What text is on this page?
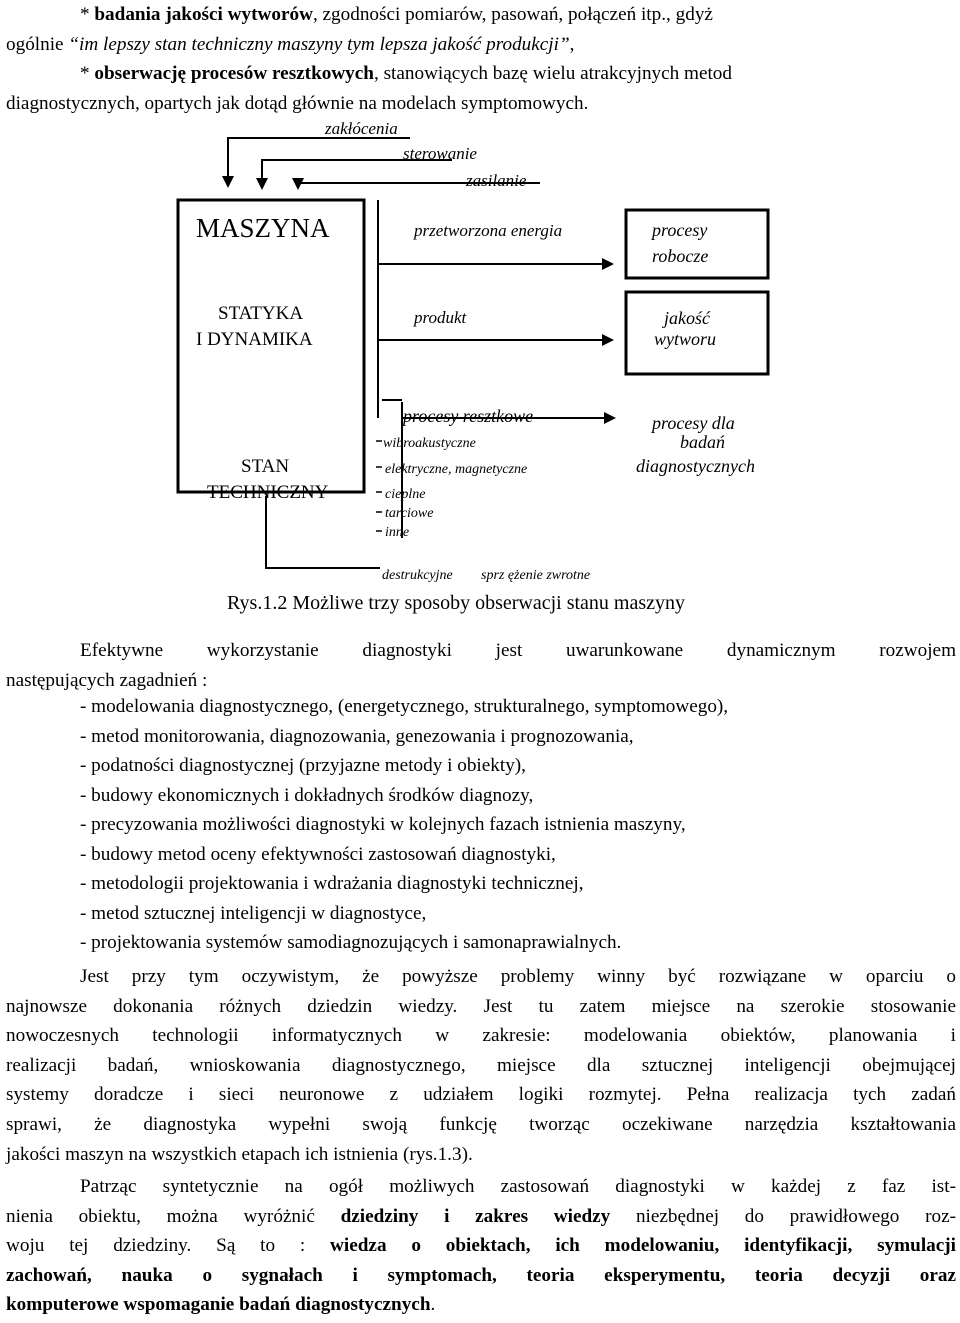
* badania jakości wytworów, zgodności pomiarów, pasowań, połączeń itp., gdyż
ogólnie “im lepszy stan techniczny maszyny tym lepsza jakość produkcji”,
* obserwację procesów resztkowych, stanowiących bazę wielu atrakcyjnych metod
diagnostycznych, opartych jak dotąd głównie na modelach symptomowych.
zakłócenia
sterowanie
zasilanie
MASZYNA
STATYKA
I DYNAMIKA
STAN
TECHNICZNY
przetworzona energia
produkt
procesy resztkowe
wibroakustyczne
elektryczne, magnetyczne
cieplne
tarciowe
inne
procesy
robocze
jakość
wytworu
procesy dla
badań
diagnostycznych
destrukcyjne sprz ężenie zwrotne
Rys.1.2 Możliwe trzy sposoby obserwacji stanu maszyny
Efektywne wykorzystanie diagnostyki jest uwarunkowane dynamicznym rozwojem
następujących zagadnień :
- modelowania diagnostycznego, (energetycznego, strukturalnego, symptomowego),
- metod monitorowania, diagnozowania, genezowania i prognozowania,
- podatności diagnostycznej (przyjazne metody i obiekty),
- budowy ekonomicznych i dokładnych środków diagnozy,
- precyzowania możliwości diagnostyki w kolejnych fazach istnienia maszyny,
- budowy metod oceny efektywności zastosowań diagnostyki,
- metodologii projektowania i wdrażania diagnostyki technicznej,
- metod sztucznej inteligencji w diagnostyce,
- projektowania systemów samodiagnozujących i samonaprawialnych.
Jest przy tym oczywistym, że powyższe problemy winny być rozwiązane w oparciu o
najnowsze dokonania różnych dziedzin wiedzy. Jest tu zatem miejsce na szerokie stosowanie
nowoczesnych technologii informatycznych w zakresie: modelowania obiektów, planowania i
realizacji badań, wnioskowania diagnostycznego, miejsce dla sztucznej inteligencji obejmującej
systemy doradcze i sieci neuronowe z udziałem logiki rozmytej. Pełna realizacja tych zadań
sprawi, że diagnostyka wypełni swoją funkcję tworząc oczekiwane narzędzia kształtowania
jakości maszyn na wszystkich etapach ich istnienia (rys.1.3).
Patrząc syntetycznie na ogół możliwych zastosowań diagnostyki w każdej z faz ist-
nienia obiektu, można wyróżnić dziedziny i zakres wiedzy niezbędnej do prawidłowego roz-
woju tej dziedziny. Są to : wiedza o obiektach, ich modelowaniu, identyfikacji, symulacji
zachowań, nauka o sygnałach i symptomach, teoria eksperymentu, teoria decyzji oraz
komputerowe wspomaganie badań diagnostycznych.
